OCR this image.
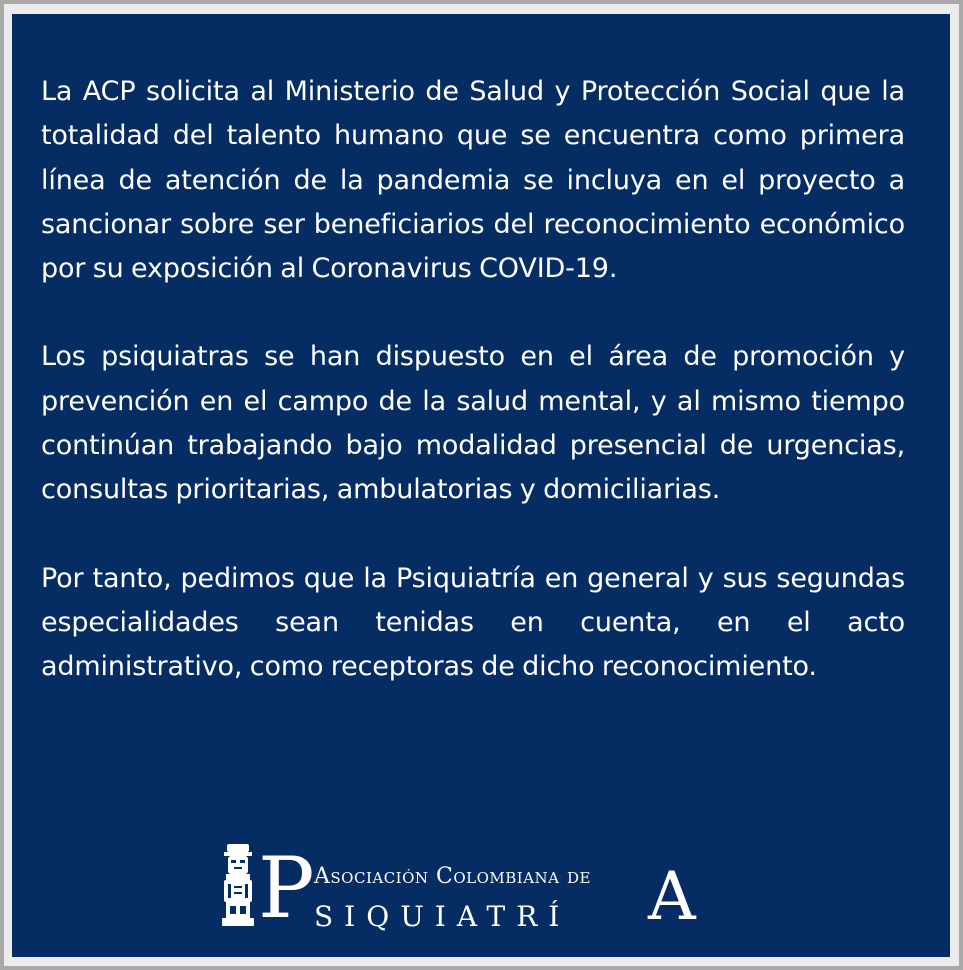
La ACP solicita al Ministerio de Salud y Protección Social que la totalidad del talento humano que se encuentra como primera línea de atención de la pandemia se incluya en el proyecto a sancionar sobre ser beneficiarios del reconocimiento económico por su exposición al Coronavirus COVID-19.

Los psiquiatras se han dispuesto en el área de promoción y prevención en el campo de la salud mental, y al mismo tiempo continúan trabajando bajo modalidad presencial de urgencias, consultas prioritarias, ambulatorias y domiciliarias.

Por tanto, pedimos que la Psiquiatría en general y sus segundas especialidades sean tenidas en cuenta, en el acto administrativo, como receptoras de dicho reconocimiento.

P Asociación Colombiana de
SIQUIATRÍ A
